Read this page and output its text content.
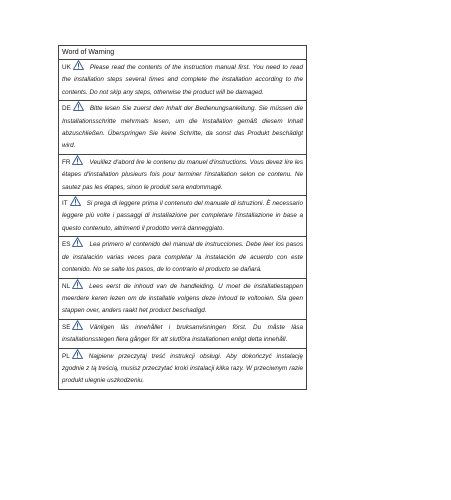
Word of Warning
UK	Please read the contents of the instruction manual first. You need to read the installation steps several times and complete the installation according to the contents. Do not skip any steps, otherwise the product will be damaged.
DE	Bitte lesen Sie zuerst den Inhalt der Bedienungsanleitung. Sie müssen die Installationsschritte mehrmals lesen, um die Installation gemäß diesem Inhalt abzuschließen. Überspringen Sie keine Schritte, da sonst das Produkt beschädigt wird.
FR	Veuillez d'abord lire le contenu du manuel d'instructions. Vous devez lire les étapes d'installation plusieurs fois pour terminer l'installation selon ce contenu. Ne sautez pas les étapes, sinon le produit sera endommagé.
IT	Si prega di leggere prima il contenuto del manuale di istruzioni. È necessario leggere più volte i passaggi di installazione per completare l'installazione in base a questo contenuto, altrimenti il prodotto verrà danneggiato.
ES	Lea primero el contenido del manual de instrucciones. Debe leer los pasos de instalación varias veces para completar la instalación de acuerdo con este contenido. No se salte los pasos, de lo contrario el producto se dañará.
NL	Lees eerst de inhoud van de handleiding. U moet de installatiestappen meerdere keren lezen om de installatie volgens deze inhoud te voltooien. Sla geen stappen over, anders raakt het product beschadigd.
SE	Vänligen läs innehållet i bruksanvisningen först. Du måste läsa installationsstegen flera gånger för att slutföra installationen enligt detta innehåll.
PL	Najpierw przeczytaj treść instrukcji obsługi. Aby dokończyć instalację zgodnie z tą treścią, musisz przeczytać kroki instalacji kilka razy. W przeciwnym razie produkt ulegnie uszkodzeniu.
